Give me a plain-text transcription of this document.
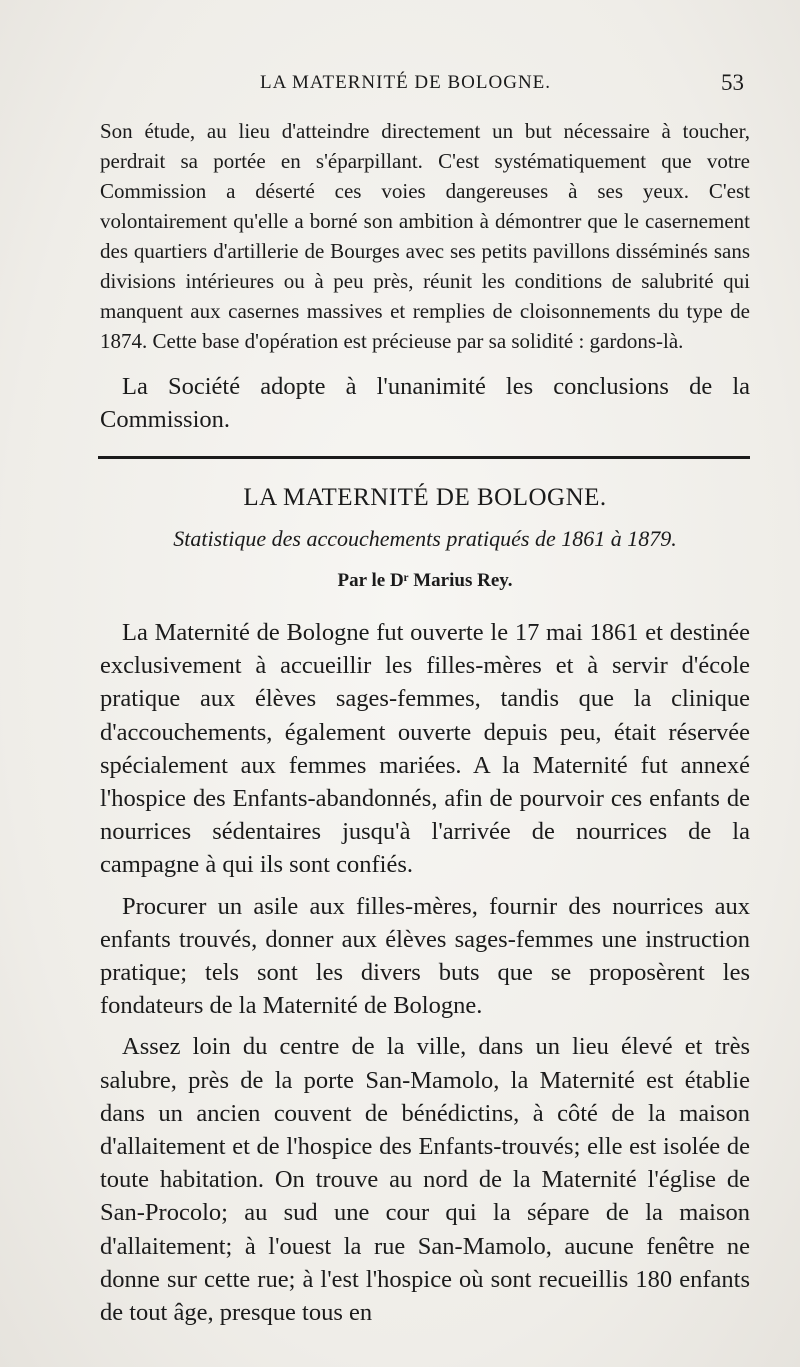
LA MATERNITÉ DE BOLOGNE.	53

Son étude, au lieu d'atteindre directement un but nécessaire à toucher, perdrait sa portée en s'éparpillant. C'est systématiquement que votre Commission a déserté ces voies dangereuses à ses yeux. C'est volontairement qu'elle a borné son ambition à démontrer que le casernement des quartiers d'artillerie de Bourges avec ses petits pavillons disséminés sans divisions intérieures ou à peu près, réunit les conditions de salubrité qui manquent aux casernes massives et remplies de cloisonnements du type de 1874. Cette base d'opération est précieuse par sa solidité : gardons-là.

La Société adopte à l'unanimité les conclusions de la Commission.

LA MATERNITÉ DE BOLOGNE.
Statistique des accouchements pratiqués de 1861 à 1879.
Par le Dʳ Marius Rey.

La Maternité de Bologne fut ouverte le 17 mai 1861 et destinée exclusivement à accueillir les filles-mères et à servir d'école pratique aux élèves sages-femmes, tandis que la clinique d'accouchements, également ouverte depuis peu, était réservée spécialement aux femmes mariées. A la Maternité fut annexé l'hospice des Enfants-abandonnés, afin de pourvoir ces enfants de nourrices sédentaires jusqu'à l'arrivée de nourrices de la campagne à qui ils sont confiés.

Procurer un asile aux filles-mères, fournir des nourrices aux enfants trouvés, donner aux élèves sages-femmes une instruction pratique; tels sont les divers buts que se proposèrent les fondateurs de la Maternité de Bologne.

Assez loin du centre de la ville, dans un lieu élevé et très salubre, près de la porte San-Mamolo, la Maternité est établie dans un ancien couvent de bénédictins, à côté de la maison d'allaitement et de l'hospice des Enfants-trouvés; elle est isolée de toute habitation. On trouve au nord de la Maternité l'église de San-Procolo; au sud une cour qui la sépare de la maison d'allaitement; à l'ouest la rue San-Mamolo, aucune fenêtre ne donne sur cette rue; à l'est l'hospice où sont recueillis 180 enfants de tout âge, presque tous en
